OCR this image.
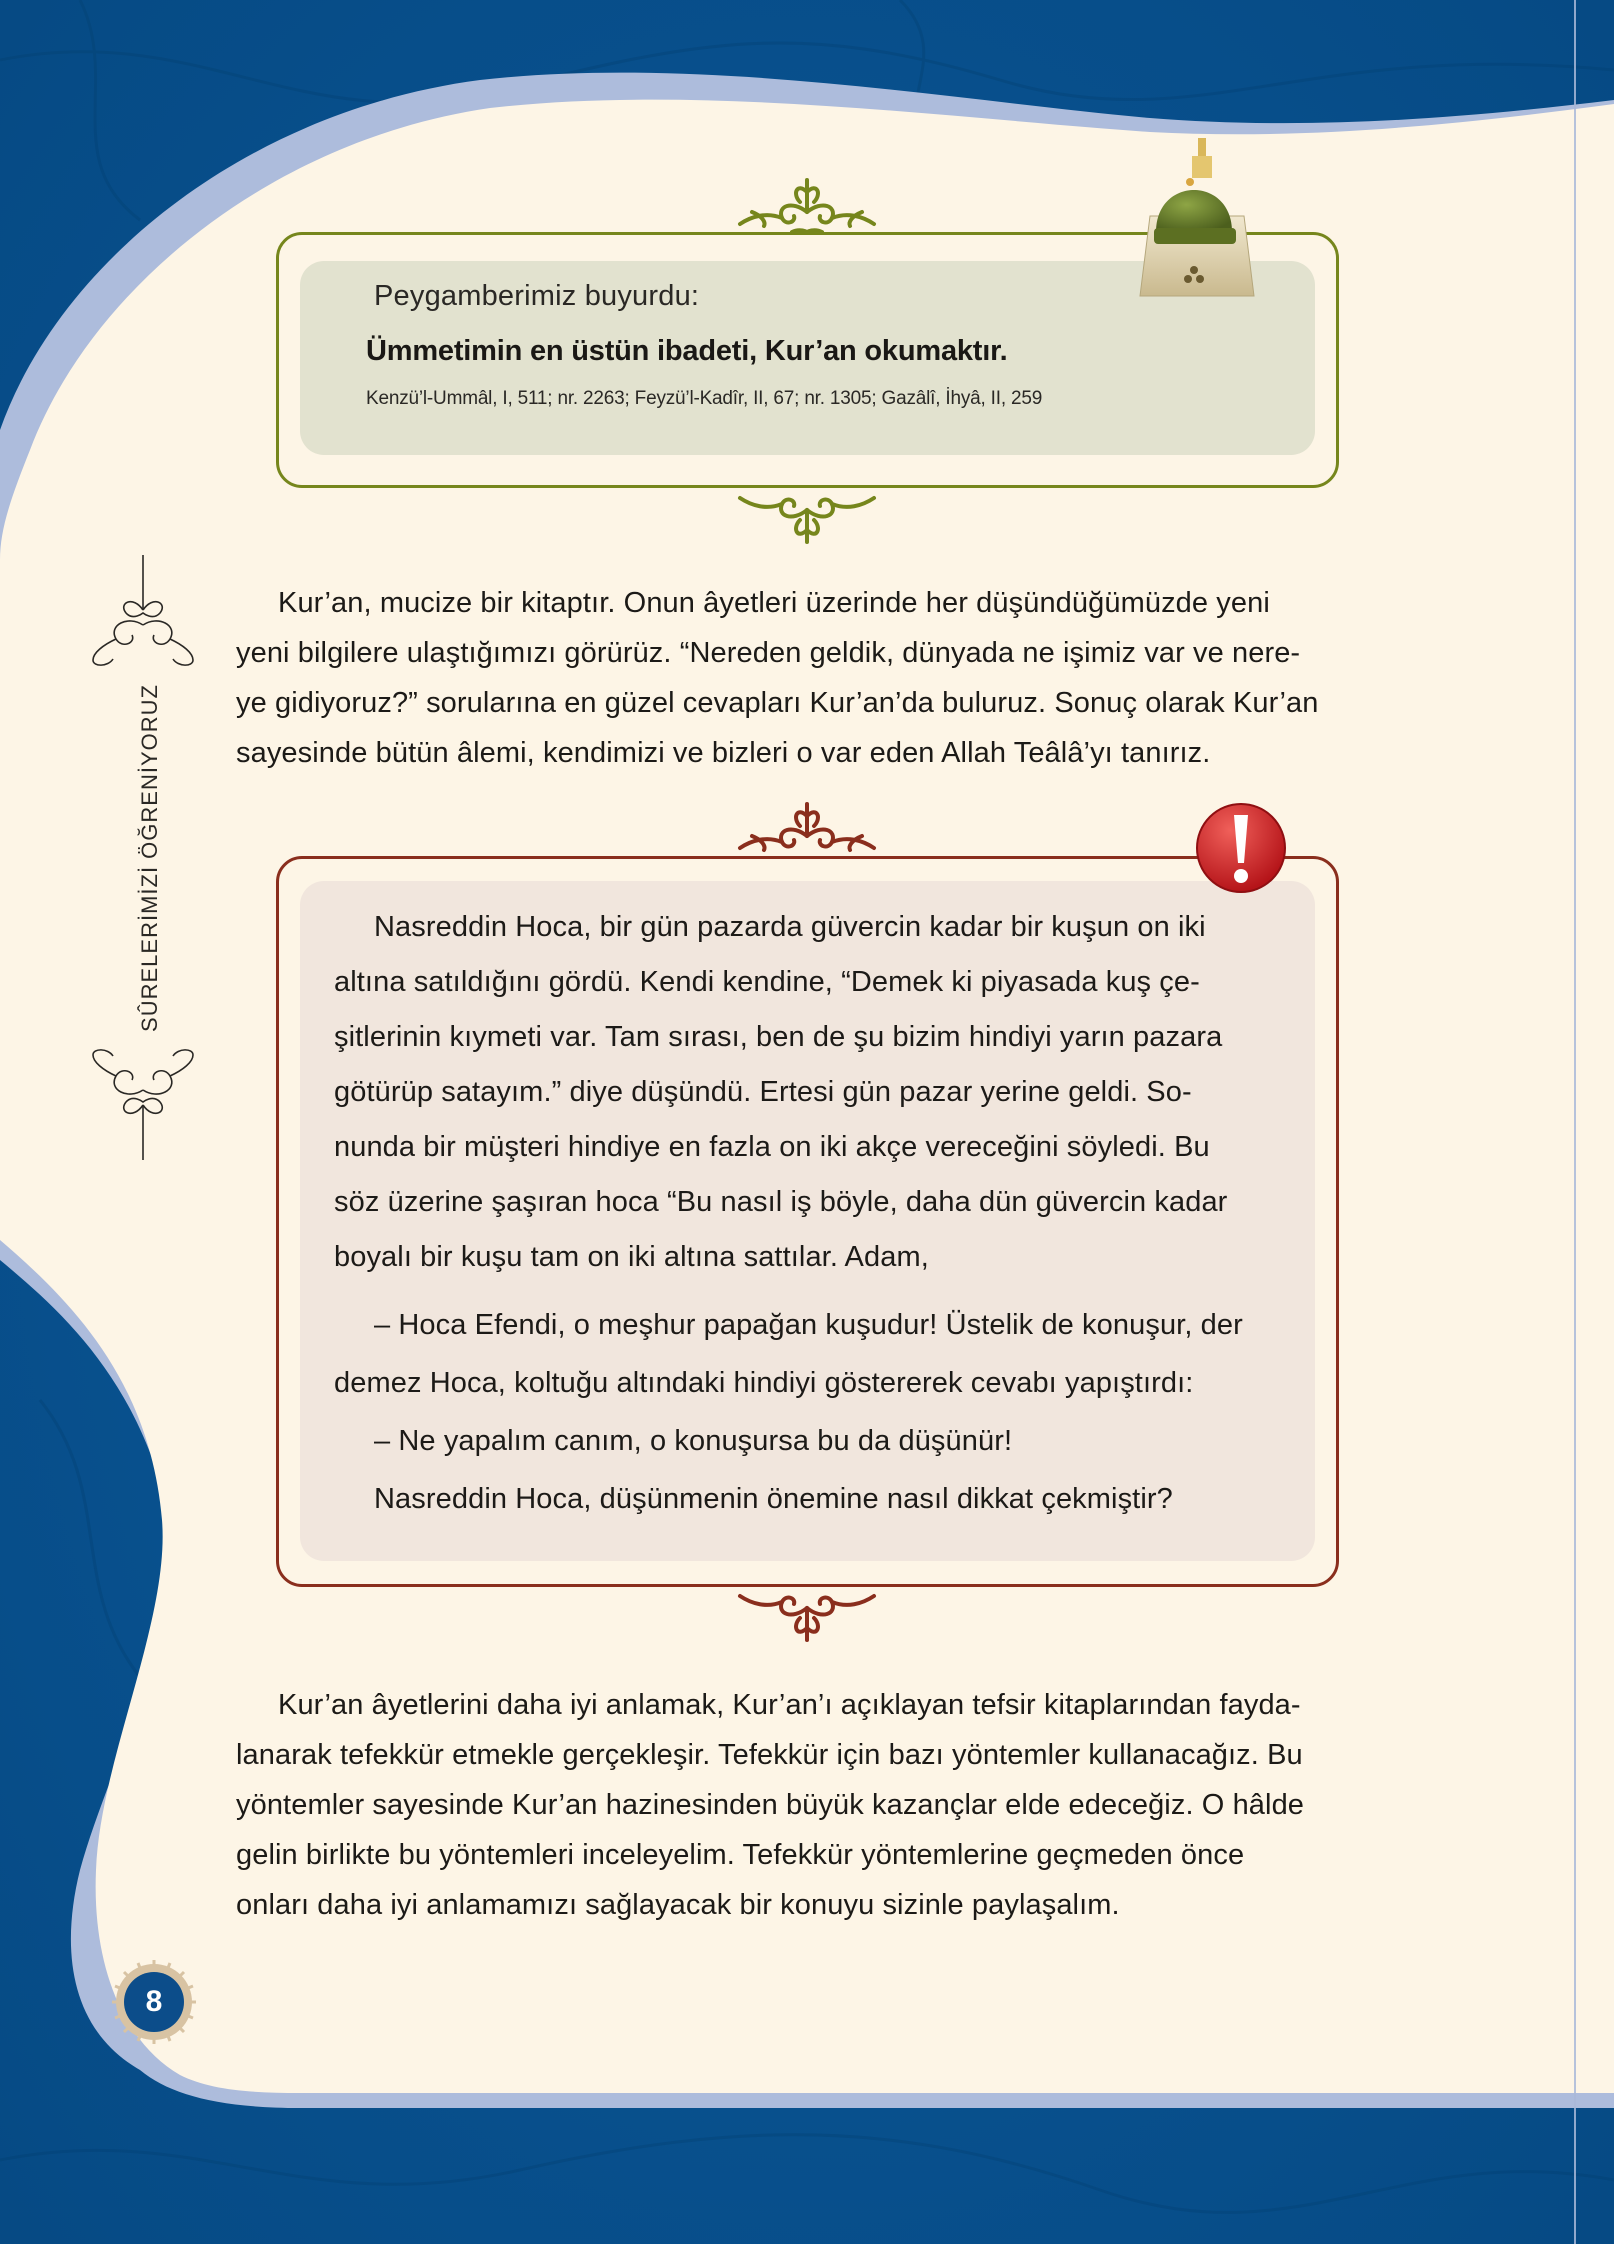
SÛRELERİMİZİ ÖĞRENİYORUZ
Peygamberimiz buyurdu:
Ümmetimin en üstün ibadeti, Kur’an okumaktır.
Kenzü’l-Ummâl, I, 511; nr. 2263; Feyzü’l-Kadîr, II, 67; nr. 1305; Gazâlî, İhyâ, II, 259
Kur’an, mucize bir kitaptır. Onun âyetleri üzerinde her düşündüğümüzde yeni
yeni bilgilere ulaştığımızı görürüz. “Nereden geldik, dünyada ne işimiz var ve nere-
ye gidiyoruz?” sorularına en güzel cevapları Kur’an’da buluruz. Sonuç olarak Kur’an
sayesinde bütün âlemi, kendimizi ve bizleri o var eden Allah Teâlâ’yı tanırız.
Nasreddin Hoca, bir gün pazarda güvercin kadar bir kuşun on iki
altına satıldığını gördü. Kendi kendine, “Demek ki piyasada kuş çe-
şitlerinin kıymeti var. Tam sırası, ben de şu bizim hindiyi yarın pazara
götürüp satayım.” diye düşündü. Ertesi gün pazar yerine geldi. So-
nunda bir müşteri hindiye en fazla on iki akçe vereceğini söyledi. Bu
söz üzerine şaşıran hoca “Bu nasıl iş böyle, daha dün güvercin kadar
boyalı bir kuşu tam on iki altına sattılar. Adam,
– Hoca Efendi, o meşhur papağan kuşudur! Üstelik de konuşur, der
demez Hoca, koltuğu altındaki hindiyi göstererek cevabı yapıştırdı:
– Ne yapalım canım, o konuşursa bu da düşünür!
Nasreddin Hoca, düşünmenin önemine nasıl dikkat çekmiştir?
Kur’an âyetlerini daha iyi anlamak, Kur’an’ı açıklayan tefsir kitaplarından fayda-
lanarak tefekkür etmekle gerçekleşir. Tefekkür için bazı yöntemler kullanacağız. Bu
yöntemler sayesinde Kur’an hazinesinden büyük kazançlar elde edeceğiz. O hâlde
gelin birlikte bu yöntemleri inceleyelim. Tefekkür yöntemlerine geçmeden önce
onları daha iyi anlamamızı sağlayacak bir konuyu sizinle paylaşalım.
8
